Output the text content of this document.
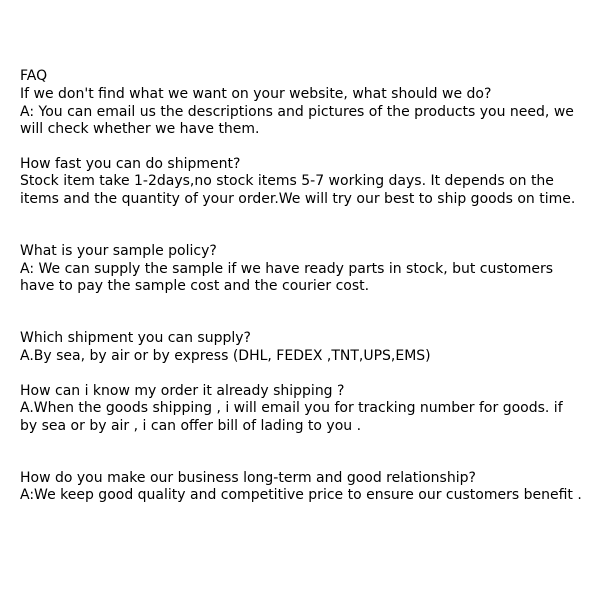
FAQ
If we don't find what we want on your website, what should we do?
A: You can email us the descriptions and pictures of the products you need, we
will check whether we have them.
How fast you can do shipment?
Stock item take 1-2days,no stock items 5-7 working days. It depends on the
items and the quantity of your order.We will try our best to ship goods on time.
What is your sample policy?
A: We can supply the sample if we have ready parts in stock, but customers
have to pay the sample cost and the courier cost.
Which shipment you can supply?
A.By sea, by air or by express (DHL, FEDEX ,TNT,UPS,EMS)
How can i know my order it already shipping ?
A.When the goods shipping , i will email you for tracking number for goods. if
by sea or by air , i can offer bill of lading to you .
How do you make our business long-term and good relationship?
A:We keep good quality and competitive price to ensure our customers benefit .
